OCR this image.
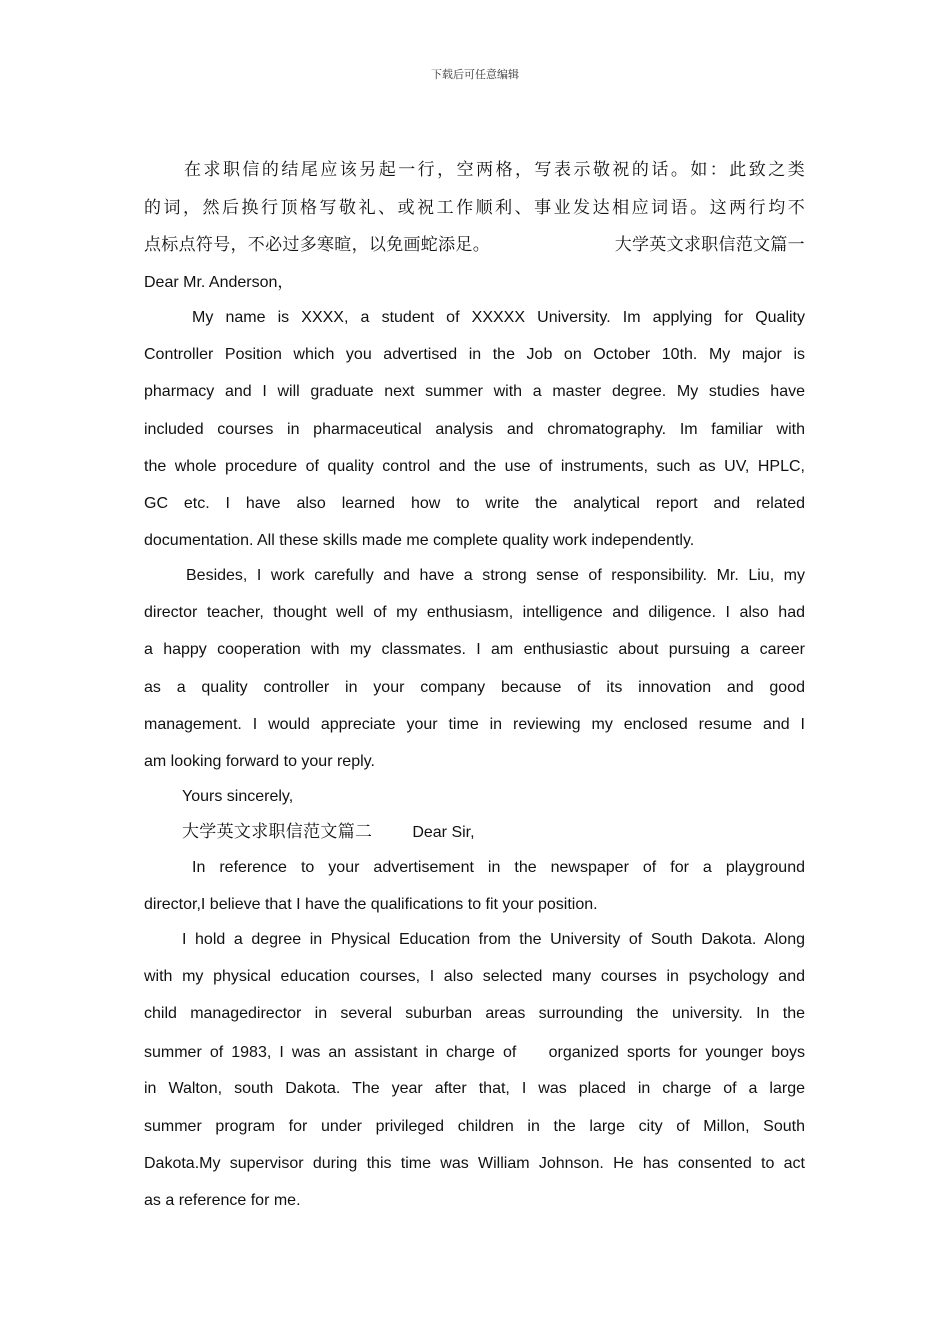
下载后可任意编辑
在求职信的结尾应该另起一行，空两格，写表示敬祝的话。如：此致之类
的词，然后换行顶格写敬礼、或祝工作顺利、事业发达相应词语。这两行均不
点标点符号，不必过多寒暄，以免画蛇添足。	大学英文求职信范文篇一
Dear Mr. Anderson，
My name is XXXX, a student of XXXXX University. Im applying for Quality
Controller Position which you advertised in the Job on October 10th. My major is
pharmacy and I will graduate next summer with a master degree. My studies have
included courses in pharmaceutical analysis and chromatography. Im familiar with
the whole procedure of quality control and the use of instruments, such as UV, HPLC,
GC etc. I have also learned how to write the analytical report and related
documentation. All these skills made me complete quality work independently.
Besides, I work carefully and have a strong sense of responsibility. Mr. Liu, my
director teacher, thought well of my enthusiasm, intelligence and diligence. I also had
a happy cooperation with my classmates. I am enthusiastic about pursuing a career
as a quality controller in your company because of its innovation and good
management. I would appreciate your time in reviewing my enclosed resume and I
am looking forward to your reply.
Yours sincerely,
大学英文求职信范文篇二	Dear Sir,
In reference to your advertisement in the newspaper of for a playground
director,I believe that I have the qualifications to fit your position.
I hold a degree in Physical Education from the University of South Dakota. Along
with my physical education courses, I also selected many courses in psychology and
child managedirector in several suburban areas surrounding the university. In the
summer of 1983, I was an assistant in charge of    organized sports for younger boys
in Walton, south Dakota. The year after that, I was placed in charge of a large
summer program for under privileged children in the large city of Millon, South
Dakota.My supervisor during this time was William Johnson. He has consented to act
as a reference for me.
